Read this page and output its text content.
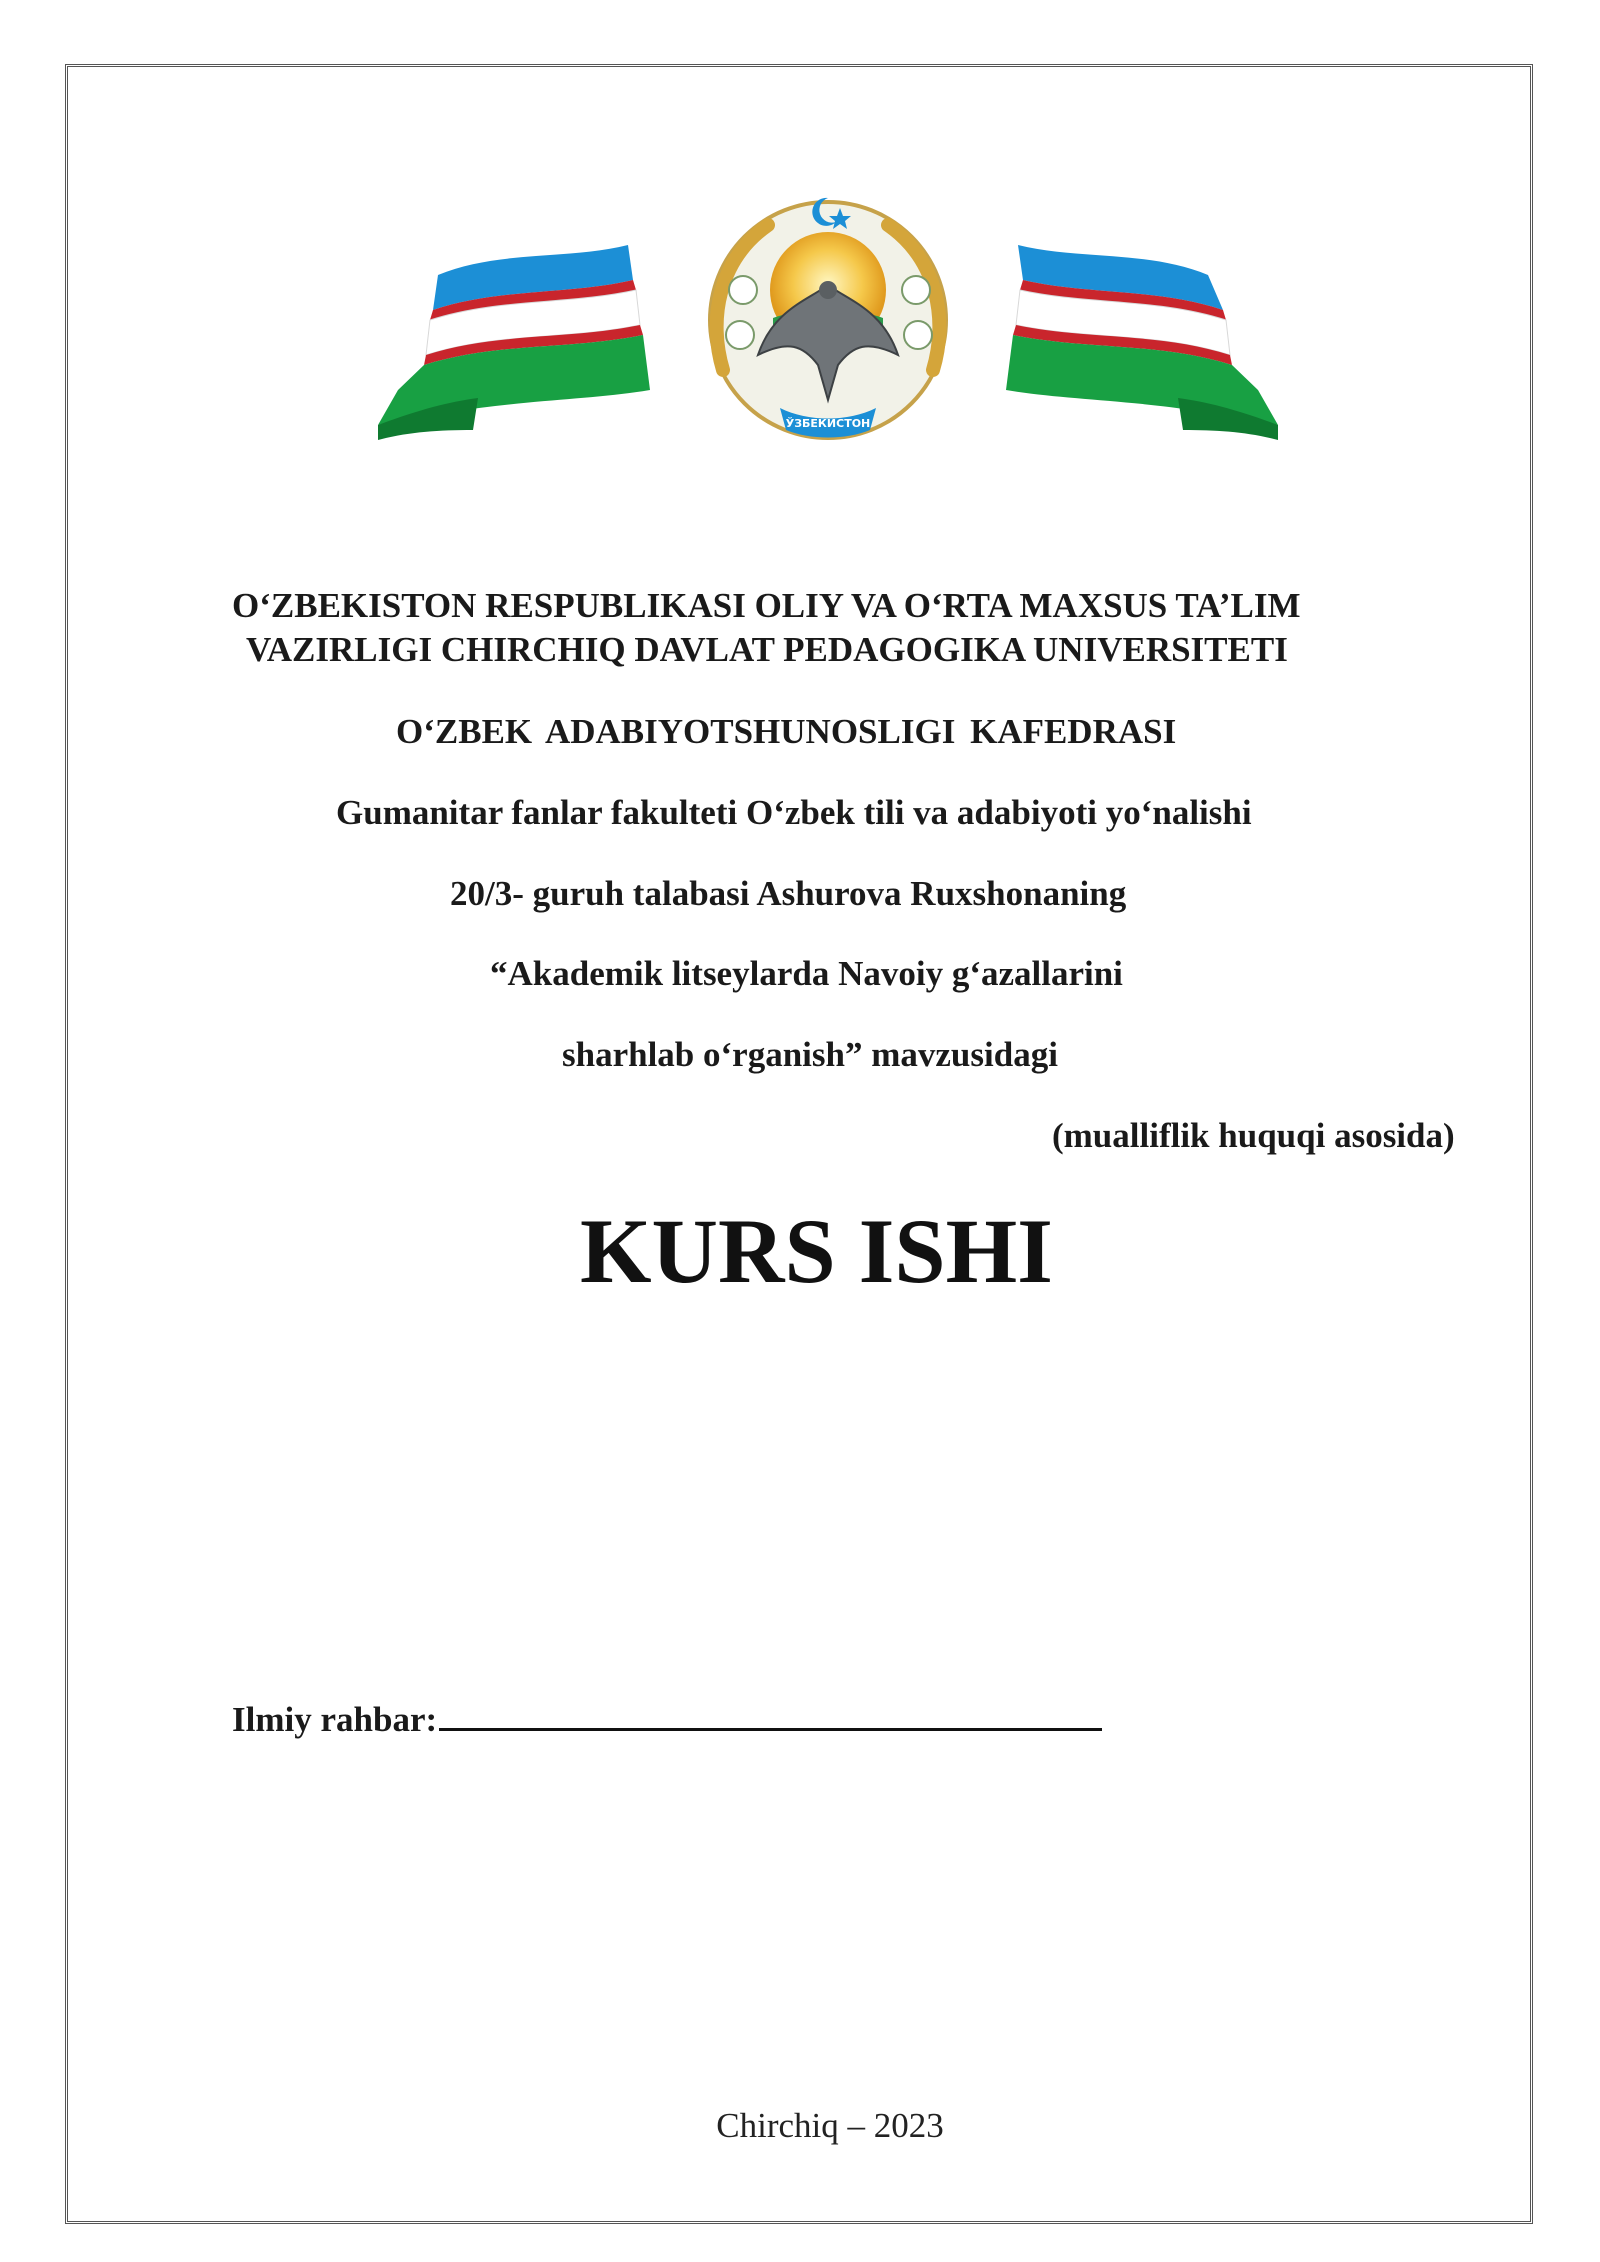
ЎЗБЕКИСТОН
O‘ZBEKISTON RESPUBLIKASI OLIY VA O‘RTA MAXSUS TA’LIM
VAZIRLIGI CHIRCHIQ DAVLAT PEDAGOGIKA UNIVERSITETI
O‘ZBEK ADABIYOTSHUNOSLIGI KAFEDRASI
Gumanitar fanlar fakulteti O‘zbek tili va adabiyoti yo‘nalishi
20/3- guruh talabasi Ashurova Ruxshonaning
“Akademik litseylarda Navoiy g‘azallarini
sharhlab o‘rganish” mavzusidagi
(mualliflik huquqi asosida)
KURS ISHI
Ilmiy rahbar:
Chirchiq – 2023
